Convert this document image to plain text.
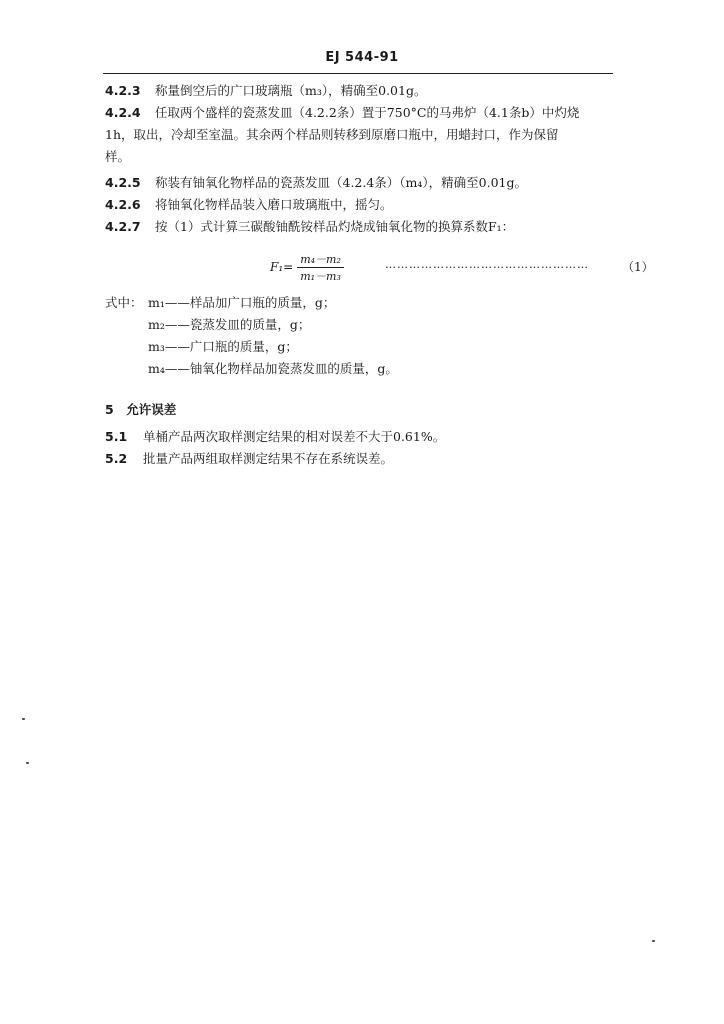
EJ 544-91
4.2.3 称量倒空后的广口玻璃瓶（m₃），精确至0.01g。
4.2.4 任取两个盛样的瓷蒸发皿（4.2.2条）置于750°C的马弗炉（4.1条b）中灼烧
1h，取出，冷却至室温。其余两个样品则转移到原磨口瓶中，用蜡封口，作为保留
样。
4.2.5 称装有铀氧化物样品的瓷蒸发皿（4.2.4条）（m₄），精确至0.01g。
4.2.6 将铀氧化物样品装入磨口玻璃瓶中，摇匀。
4.2.7 按（1）式计算三碳酸铀酰铵样品灼烧成铀氧化物的换算系数F₁：
$F_1= \frac{\text{m₄－m₂}}{\text{m₁－m₃}}$	……………………………………………	（1）
式中： m₁——样品加广口瓶的质量，g；
m₂——瓷蒸发皿的质量，g；
m₃——广口瓶的质量，g；
m₄——铀氧化物样品加瓷蒸发皿的质量，g。
5　允许误差
5.1 单桶产品两次取样测定结果的相对误差不大于0.61%。
5.2 批量产品两组取样测定结果不存在系统误差。
